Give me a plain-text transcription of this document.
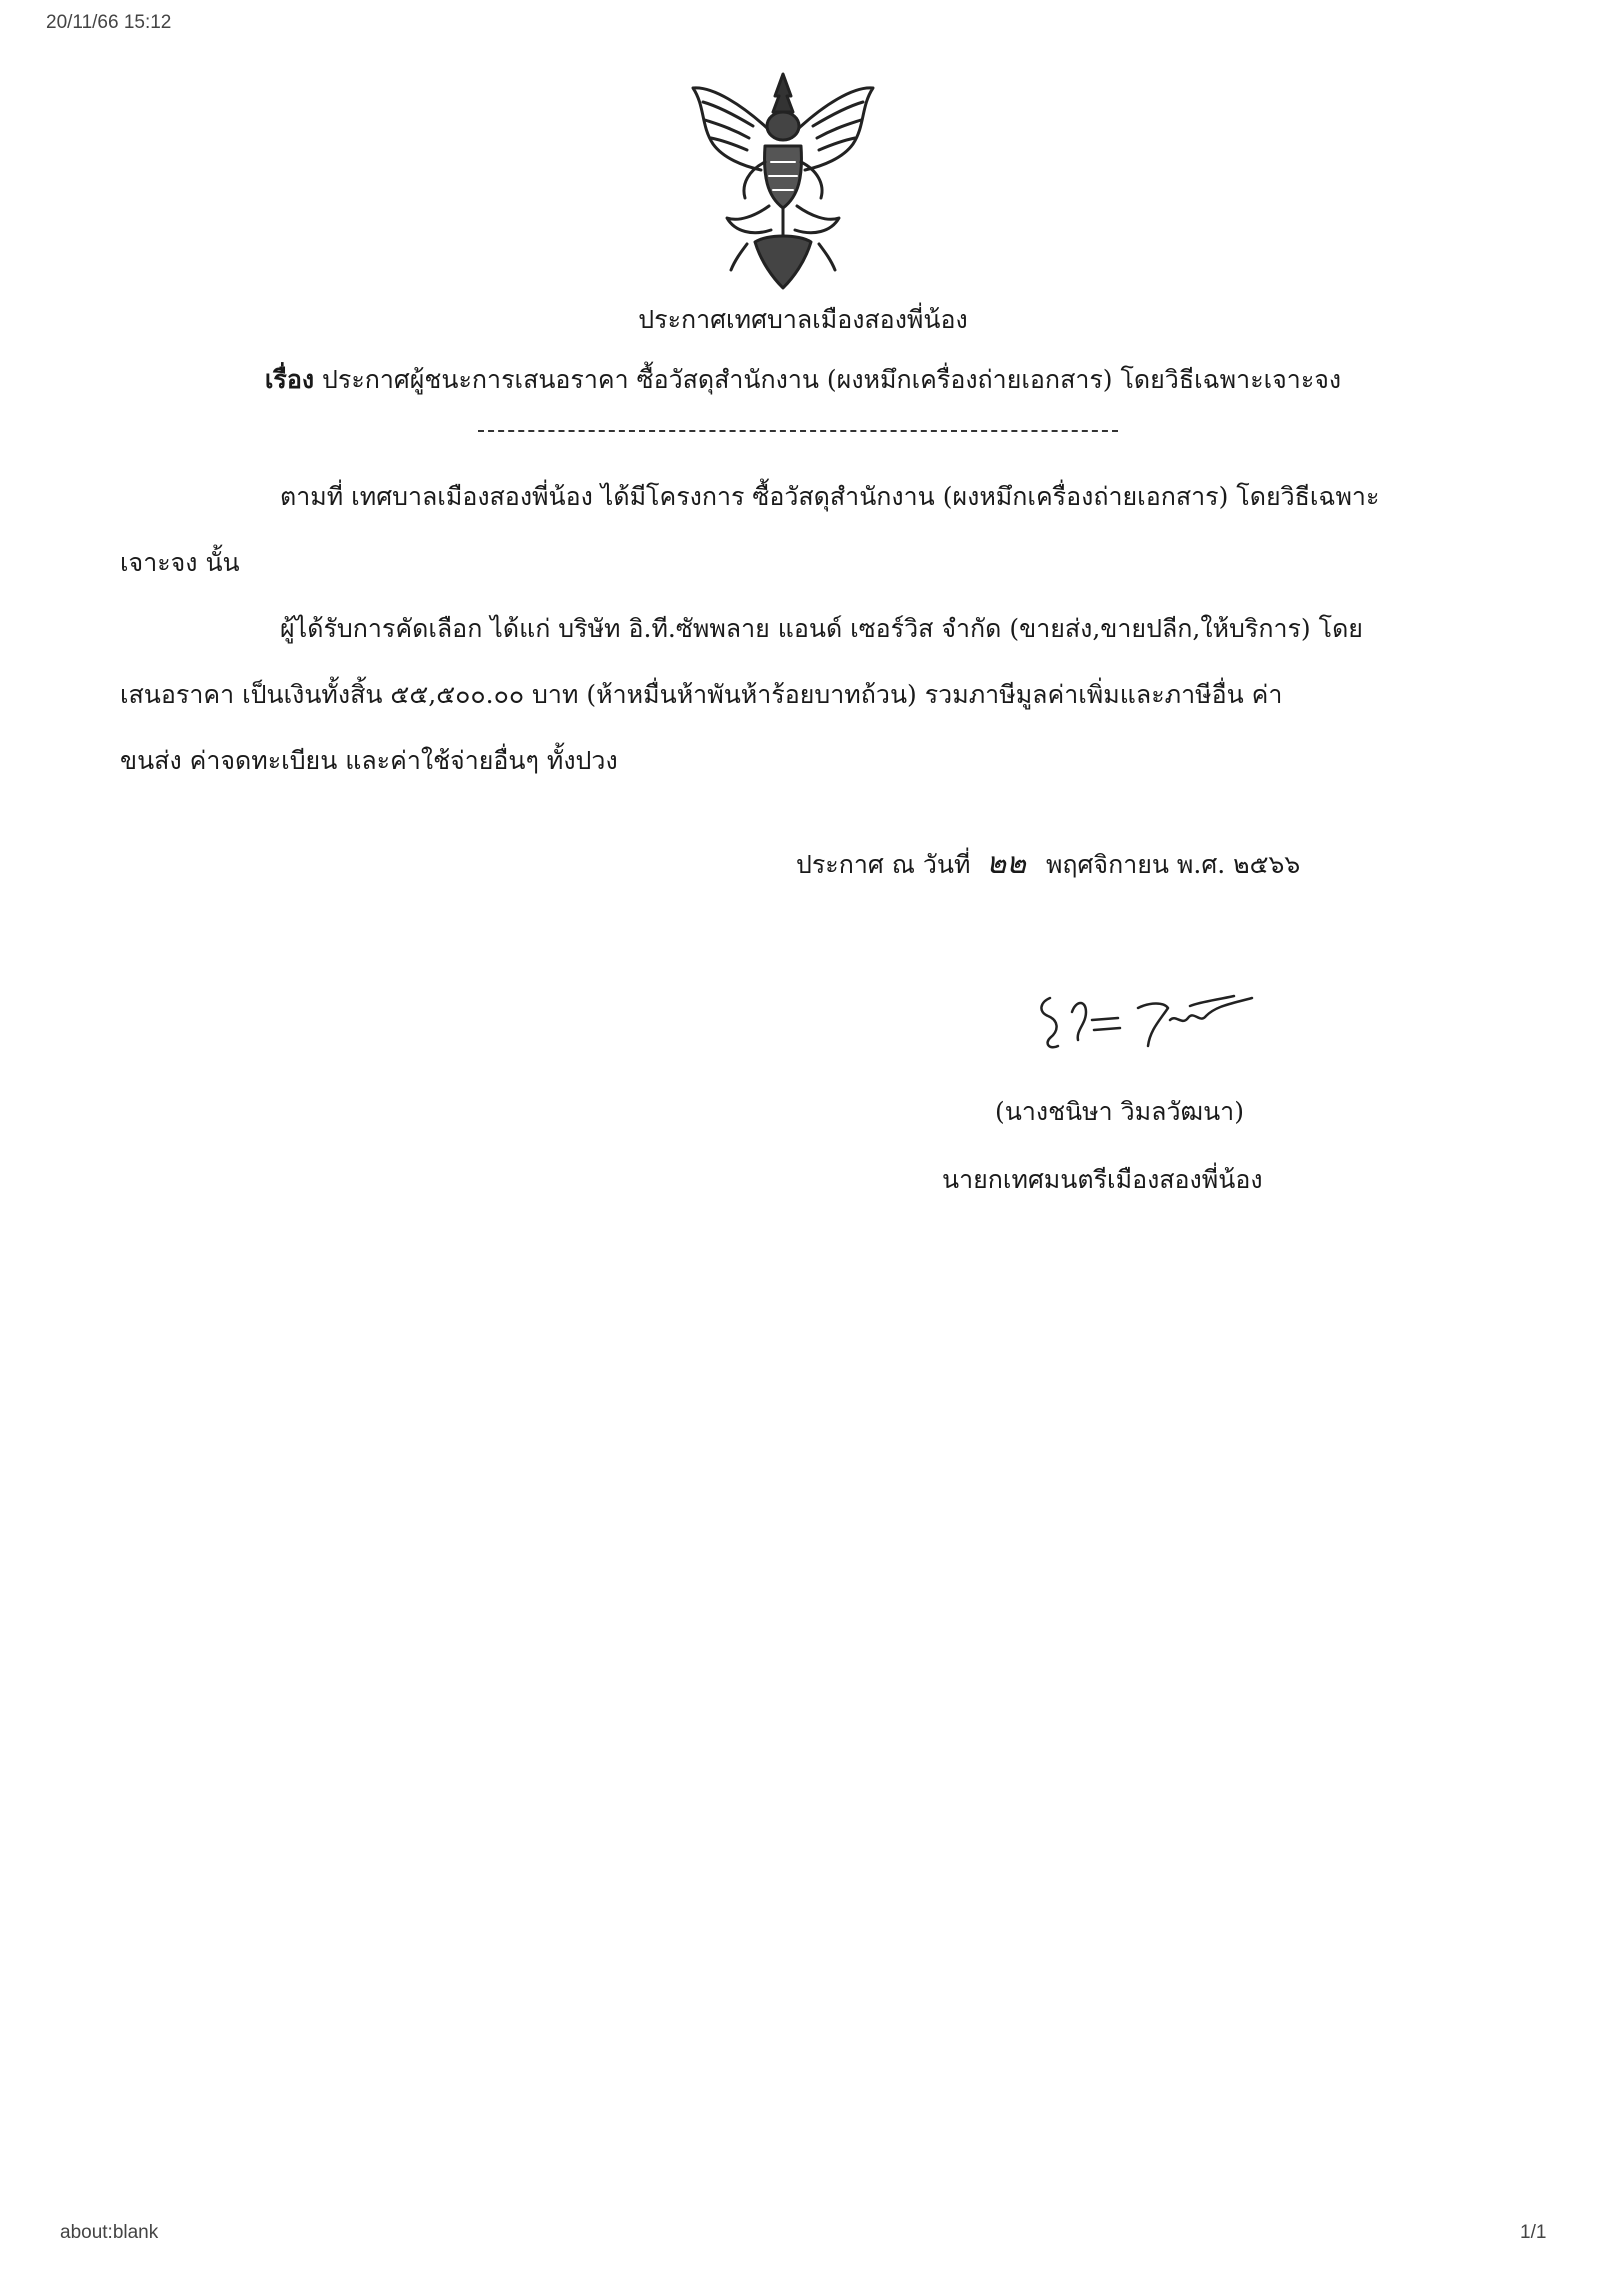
20/11/66 15:12
ประกาศเทศบาลเมืองสองพี่น้อง
เรื่อง ประกาศผู้ชนะการเสนอราคา ซื้อวัสดุสำนักงาน (ผงหมึกเครื่องถ่ายเอกสาร) โดยวิธีเฉพาะเจาะจง
ตามที่ เทศบาลเมืองสองพี่น้อง ได้มีโครงการ ซื้อวัสดุสำนักงาน (ผงหมึกเครื่องถ่ายเอกสาร) โดยวิธีเฉพาะ
เจาะจง นั้น
ผู้ได้รับการคัดเลือก ได้แก่ บริษัท อิ.ที.ซัพพลาย แอนด์ เซอร์วิส จำกัด (ขายส่ง,ขายปลีก,ให้บริการ) โดย
เสนอราคา เป็นเงินทั้งสิ้น ๕๕,๕๐๐.๐๐ บาท (ห้าหมื่นห้าพันห้าร้อยบาทถ้วน) รวมภาษีมูลค่าเพิ่มและภาษีอื่น ค่า
ขนส่ง ค่าจดทะเบียน และค่าใช้จ่ายอื่นๆ ทั้งปวง
ประกาศ ณ วันที่ ๒๒ พฤศจิกายน พ.ศ. ๒๕๖๖
(นางชนิษา วิมลวัฒนา)
นายกเทศมนตรีเมืองสองพี่น้อง
about:blank	1/1
